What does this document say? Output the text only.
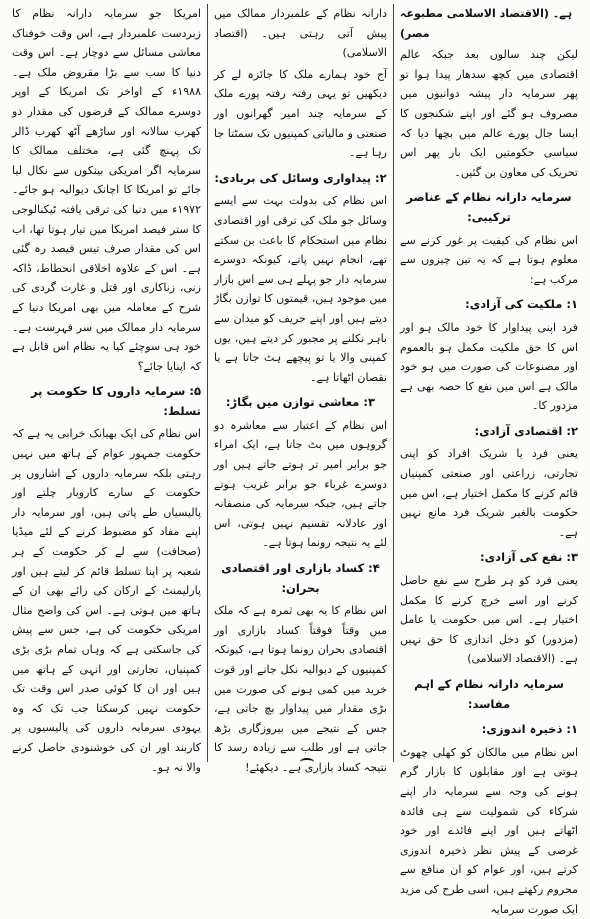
ہے۔ (الاقتصاد الاسلامی مطبوعہ مصر)

لیکن چند سالوں بعد جبکہ عالم اقتصادی میں کچھ سدھار پیدا ہوا تو پھر سرمایہ دار پیشہ دوانیوں میں مصروف ہو گئے اور اپنے شکنجوں کا ایسا جال پورے عالم میں بچھا دیا کہ سیاسی حکومتیں ایک بار پھر اس تحریک کی معاون بن گئیں۔

سرمایہ دارانہ نظام کے عناصر ترکیبی:

اس نظام کی کیفیت پر غور کرنے سے معلوم ہوتا ہے کہ یہ تین چیزوں سے مرکب ہے:

۱: ملکیت کی آزادی:

فرد اپنی پیداوار کا خود مالک ہو اور اس کا حق ملکیت مکمل ہو بالعموم اور مصنوعات کی صورت میں ہو خود مالک ہے اس میں نفع کا حصہ بھی ہے مزدور کا۔

۲: اقتصادی آزادی:

یعنی فرد یا شریک افراد کو اپنی تجارتی، زراعتی اور صنعتی کمپنیاں قائم کرنے کا مکمل اختیار ہے، اس میں حکومت بالغیر شریک فرد مانع نہیں ہے۔

۳: نفع کی آزادی:

یعنی فرد کو ہر طرح سے نفع حاصل کرنے اور اسے خرچ کرنے کا مکمل اختیار ہے۔ اس میں حکومت یا عامل (مزدور) کو دخل اندازی کا حق نہیں ہے۔ (الاقتصاد الاسلامی)

سرمایہ دارانہ نظام کے اہم مفاسد:
۱: ذخیرہ اندوزی:

اس نظام میں مالکان کو کھلی چھوٹ ہوتی ہے اور مقابلوں کا بازار گرم ہونے کی وجہ سے سرمایہ دار اپنے شرکاء کی شمولیت سے ہی فائدہ اٹھاتے ہیں اور اپنے فائدے اور خود غرضی کے پیش نظر ذخیرہ اندوزی کرتے ہیں، اور عوام کو ان منافع سے محروم رکھتے ہیں، اسی طرح کی مزید ایک صورت سرمایہ

دارانہ نظام کے علمبردار ممالک میں پیش آتی رہتی ہیں۔ (اقتصاد الاسلامی)

آج خود ہمارے ملک کا جائزہ لے کر دیکھیں تو یہی رفتہ رفتہ پورے ملک کے سرمایہ چند امیر گھرانوں اور صنعتی و مالیاتی کمپنیوں تک سمٹتا جا رہا ہے۔

۲: پیداواری وسائل کی بربادی:

اس نظام کی بدولت بہت سے ایسے وسائل جو ملک کی ترقی اور اقتصادی نظام میں استحکام کا باعث بن سکتے تھے، انجام نہیں پاتے، کیونکہ دوسرے سرمایہ دار جو پہلے ہی سے اس بازار میں موجود ہیں، قیمتوں کا توازن بگاڑ دیتے ہیں اور اپنے حریف کو میدان سے باہر نکلنے پر مجبور کر دیتے ہیں، یوں کمپنی والا یا تو پیچھے ہٹ جاتا ہے یا نقصان اٹھاتا ہے۔

۳: معاشی توازن میں بگاڑ:

اس نظام کے اعتبار سے معاشرہ دو گروہوں میں بٹ جاتا ہے، ایک امراء جو برابر امیر تر ہوتے جاتے ہیں اور دوسرے غرباء جو برابر غریب ہوتے جاتے ہیں، جبکہ سرمایہ کی منصفانہ اور عادلانہ تقسیم نہیں ہوتی، اس لئے یہ نتیجہ رونما ہوتا ہے۔

۴: کساد بازاری اور اقتصادی بحران:

اس نظام کا یہ بھی ثمرہ ہے کہ ملک میں وقتاً فوقتاً کساد بازاری اور اقتصادی بحران رونما ہوتا ہے، کیونکہ کمپنیوں کے دیوالیہ نکل جانے اور قوت خرید میں کمی ہونے کی صورت میں بڑی مقدار میں پیداوار بچ جاتی ہے، جس کے نتیجے میں بیروزگاری بڑھ جاتی ہے اور طلب سے زیادہ رسد کا نتیجہ کساد بازاری ہے۔ دیکھئے!

امریکا جو سرمایہ دارانہ نظام کا زبردست علمبردار ہے، اس وقت خوفناک معاشی مسائل سے دوچار ہے۔ اس وقت دنیا کا سب سے بڑا مقروض ملک ہے۔ ۱۹۸۸ء کے اواخر تک امریکا کے اوپر دوسرے ممالک کے قرضوں کی مقدار دو کھرب سالانہ اور ساڑھے آٹھ کھرب ڈالر تک پہنچ گئی ہے، مختلف ممالک کا سرمایہ اگر امریکی بینکوں سے نکال لیا جائے تو امریکا کا اچانک دیوالیہ ہو جائے۔ ۱۹۷۲ء میں دنیا کی ترقی یافتہ ٹیکنالوجی کا ستر فیصد امریکا میں تیار ہوتا تھا، اب اس کی مقدار صرف تیس فیصد رہ گئی ہے۔ اس کے علاوہ اخلاقی انحطاط، ڈاکہ زنی، زناکاری اور قتل و غارت گردی کی شرح کے معاملہ میں بھی امریکا دنیا کے سرمایہ دار ممالک میں سر فہرست ہے۔ خود ہی سوچئے کیا یہ نظام اس قابل ہے کہ اپنایا جائے؟

۵: سرمایہ داروں کا حکومت پر تسلط:

اس نظام کی ایک بھیانک خرابی یہ ہے کہ حکومت جمہور عوام کے ہاتھ میں نہیں رہتی بلکہ سرمایہ داروں کے اشاروں پر حکومت کے سارے کاروبار چلتے اور پالیسیاں طے پاتی ہیں، اور سرمایہ دار اپنے مفاد کو مضبوط کرنے کے لئے میڈیا (صحافت) سے لے کر حکومت کے ہر شعبہ پر اپنا تسلط قائم کر لیتے ہیں اور پارلیمنٹ کے ارکان کی رائے بھی ان کے ہاتھ میں ہوتی ہے۔ اس کی واضح مثال امریکی حکومت کی ہے، جس سے پیش کی جاسکتی ہے کہ وہاں تمام بڑی بڑی کمپنیاں، تجارتی اور انہی کے ہاتھ میں ہیں اور ان کا کوئی صدر اس وقت تک حکومت نہیں کرسکتا جب تک کہ وہ یہودی سرمایہ داروں کی پالیسیوں پر کاربند اور ان کی خوشنودی حاصل کرنے والا نہ ہو۔
